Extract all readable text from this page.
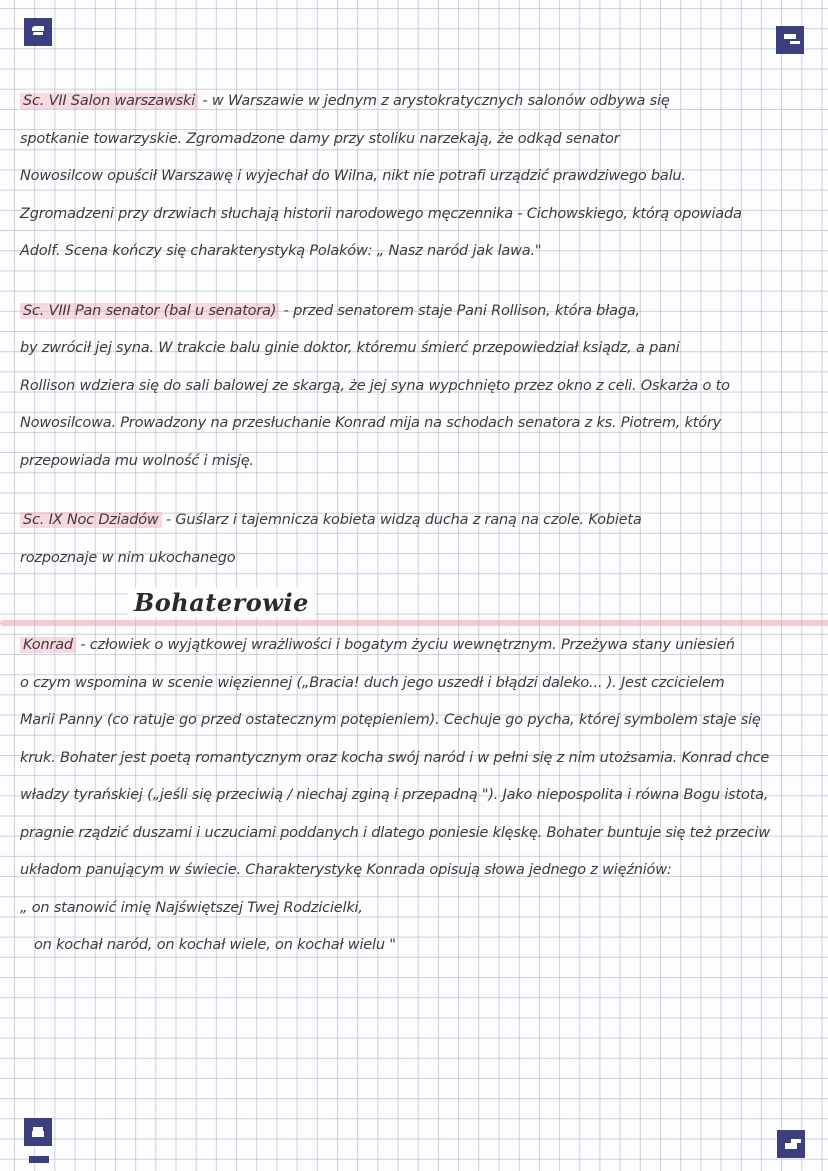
Sc. VII Salon warszawski - w Warszawie w jednym z arystokratycznych salonów odbywa się
spotkanie towarzyskie. Zgromadzone damy przy stoliku narzekają, że odkąd senator
Nowosilcow opuścił Warszawę i wyjechał do Wilna, nikt nie potrafi urządzić prawdziwego balu.
Zgromadzeni przy drzwiach słuchają historii narodowego męczennika - Cichowskiego, którą opowiada
Adolf. Scena kończy się charakterystyką Polaków: „ Nasz naród jak lawa."
Sc. VIII Pan senator (bal u senatora) - przed senatorem staje Pani Rollison, która błaga,
by zwrócił jej syna. W trakcie balu ginie doktor, któremu śmierć przepowiedział ksiądz, a pani
Rollison wdziera się do sali balowej ze skargą, że jej syna wypchnięto przez okno z celi. Oskarża o to
Nowosilcowa. Prowadzony na przesłuchanie Konrad mija na schodach senatora z ks. Piotrem, który
przepowiada mu wolność i misję.
Sc. IX Noc Dziadów - Guślarz i tajemnicza kobieta widzą ducha z raną na czole. Kobieta
rozpoznaje w nim ukochanego
Bohaterowie
Konrad - człowiek o wyjątkowej wrażliwości i bogatym życiu wewnętrznym. Przeżywa stany uniesień
o czym wspomina w scenie więziennej („Bracia! duch jego uszedł i błądzi daleko... ). Jest czcicielem
Marii Panny (co ratuje go przed ostatecznym potępieniem). Cechuje go pycha, której symbolem staje się
kruk. Bohater jest poetą romantycznym oraz kocha swój naród i w pełni się z nim utożsamia. Konrad chce
władzy tyrańskiej („jeśli się przeciwią / niechaj zginą i przepadną "). Jako niepospolita i równa Bogu istota,
pragnie rządzić duszami i uczuciami poddanych i dlatego poniesie klęskę. Bohater buntuje się też przeciw
układom panującym w świecie. Charakterystykę Konrada opisują słowa jednego z więźniów:
„ on stanowić imię Najświętszej Twej Rodzicielki,
on kochał naród, on kochał wiele, on kochał wielu "
